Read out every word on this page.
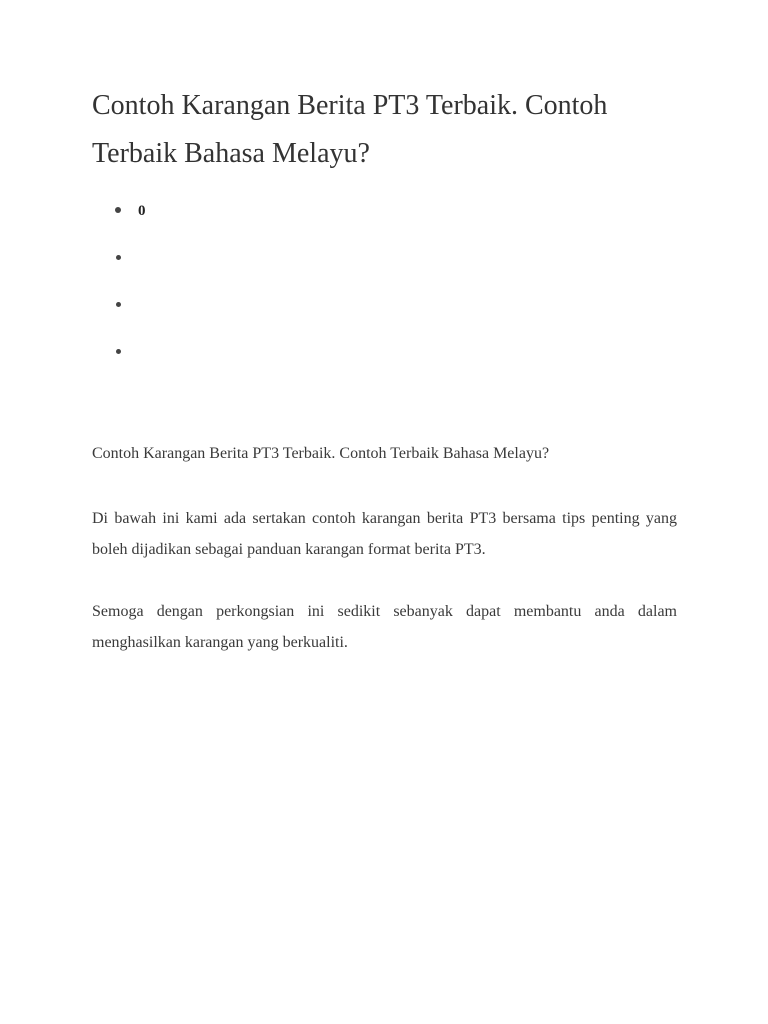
Contoh Karangan Berita PT3 Terbaik. Contoh Terbaik Bahasa Melayu?
0

Contoh Karangan Berita PT3 Terbaik. Contoh Terbaik Bahasa Melayu?

Di bawah ini kami ada sertakan contoh karangan berita PT3 bersama tips penting yang boleh dijadikan sebagai panduan karangan format berita PT3.

Semoga dengan perkongsian ini sedikit sebanyak dapat membantu anda dalam menghasilkan karangan yang berkualiti.
